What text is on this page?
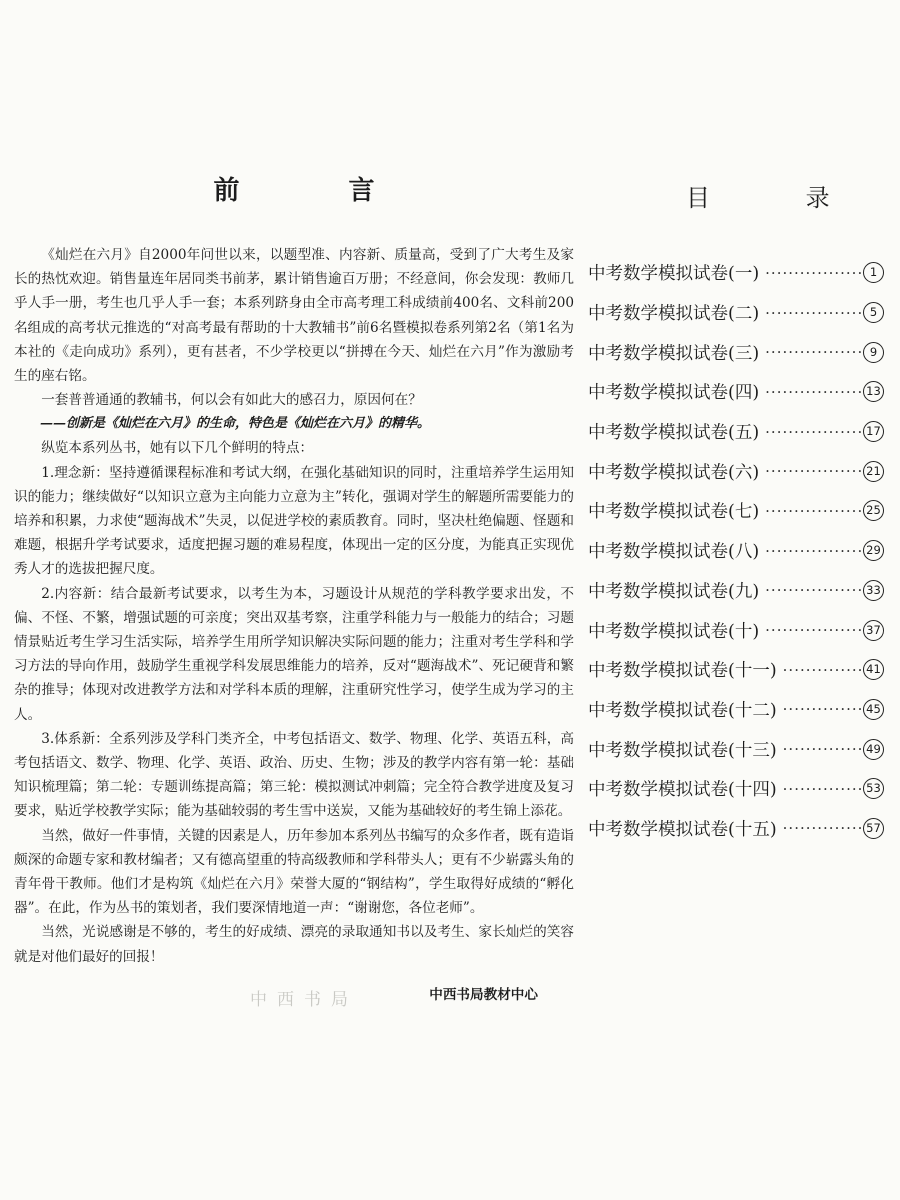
前 言

《灿烂在六月》自2000年问世以来，以题型准、内容新、质量高，受到了广大考生及家长的热忱欢迎。销售量连年居同类书前茅，累计销售逾百万册；不经意间，你会发现：教师几乎人手一册，考生也几乎人手一套；本系列跻身由全市高考理工科成绩前400名、文科前200名组成的高考状元推选的“对高考最有帮助的十大教辅书”前6名暨模拟卷系列第2名（第1名为本社的《走向成功》系列），更有甚者，不少学校更以“拼搏在今天、灿烂在六月”作为激励考生的座右铭。

一套普普通通的教辅书，何以会有如此大的感召力，原因何在？

——创新是《灿烂在六月》的生命，特色是《灿烂在六月》的精华。

纵览本系列丛书，她有以下几个鲜明的特点：

1.理念新：坚持遵循课程标准和考试大纲，在强化基础知识的同时，注重培养学生运用知识的能力；继续做好“以知识立意为主向能力立意为主”转化，强调对学生的解题所需要能力的培养和积累，力求使“题海战术”失灵，以促进学校的素质教育。同时，坚决杜绝偏题、怪题和难题，根据升学考试要求，适度把握习题的难易程度，体现出一定的区分度，为能真正实现优秀人才的选拔把握尺度。

2.内容新：结合最新考试要求，以考生为本，习题设计从规范的学科教学要求出发，不偏、不怪、不繁，增强试题的可亲度；突出双基考察，注重学科能力与一般能力的结合；习题情景贴近考生学习生活实际，培养学生用所学知识解决实际问题的能力；注重对考生学科和学习方法的导向作用，鼓励学生重视学科发展思维能力的培养，反对“题海战术”、死记硬背和繁杂的推导；体现对改进教学方法和对学科本质的理解，注重研究性学习，使学生成为学习的主人。

3.体系新：全系列涉及学科门类齐全，中考包括语文、数学、物理、化学、英语五科，高考包括语文、数学、物理、化学、英语、政治、历史、生物；涉及的教学内容有第一轮：基础知识梳理篇；第二轮：专题训练提高篇；第三轮：模拟测试冲刺篇；完全符合教学进度及复习要求，贴近学校教学实际；能为基础较弱的考生雪中送炭，又能为基础较好的考生锦上添花。

当然，做好一件事情，关键的因素是人，历年参加本系列丛书编写的众多作者，既有造诣颇深的命题专家和教材编者；又有德高望重的特高级教师和学科带头人；更有不少崭露头角的青年骨干教师。他们才是构筑《灿烂在六月》荣誉大厦的“钢结构”，学生取得好成绩的“孵化器”。在此，作为丛书的策划者，我们要深情地道一声：“谢谢您，各位老师”。

当然，光说感谢是不够的，考生的好成绩、漂亮的录取通知书以及考生、家长灿烂的笑容就是对他们最好的回报！

中西书局教材中心
目 录
中考数学模拟试卷(一) ·····	1
中考数学模拟试卷(二) ·····	5
中考数学模拟试卷(三) ·····	9
中考数学模拟试卷(四) ·····	13
中考数学模拟试卷(五) ·····	17
中考数学模拟试卷(六) ·····	21
中考数学模拟试卷(七) ·····	25
中考数学模拟试卷(八) ·····	29
中考数学模拟试卷(九) ·····	33
中考数学模拟试卷(十) ·····	37
中考数学模拟试卷(十一) ·····	41
中考数学模拟试卷(十二) ·····	45
中考数学模拟试卷(十三) ·····	49
中考数学模拟试卷(十四) ·····	53
中考数学模拟试卷(十五) ·····	57
中西书局
